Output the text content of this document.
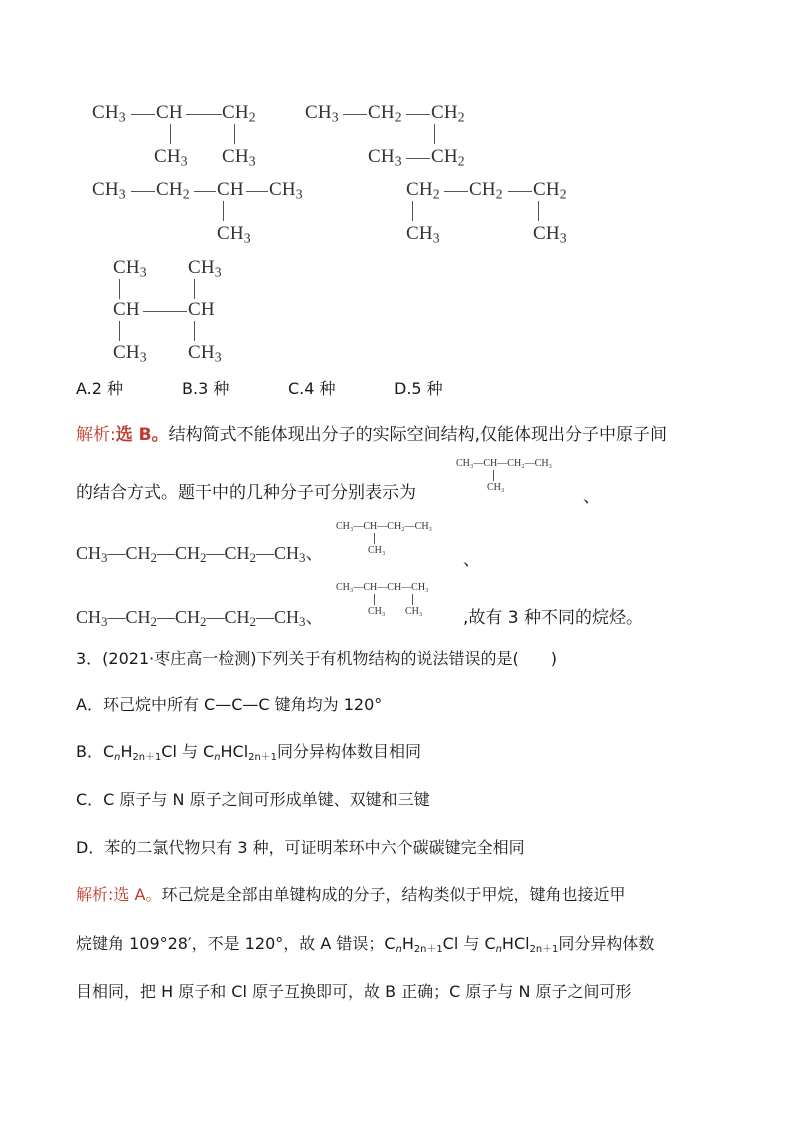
$CH_3$ CH $CH_2$
$CH_3$ $CH_3$
$CH_3$ $CH_2$ $CH_2$
$CH_3$ $CH_2$
$CH_3$ $CH_2$ CH $CH_3$
$CH_3$
$CH_2$ $CH_2$ $CH_2$
$CH_3$	$CH_3$
$CH_3$ $CH_3$
CH	CH
$CH_3$ $CH_3$
A.2 种	B.3 种	C.4 种	D.5 种
解析:选 B。结构简式不能体现出分子的实际空间结构,仅能体现出分子中原子间
的结合方式。题干中的几种分子可分别表示为
CH₃—CH—CH₂—CH₃
CH₃	、
$CH_3—CH_2—CH_2—CH_2—CH_3$、
CH₃—CH—CH₂—CH₃
CH₃	、
$CH_3—CH_2—CH_2—CH_2—CH_3$、
CH₃—CH—CH—CH₃
CH₃ CH₃ ,故有 3 种不同的烷烃。
3．(2021·枣庄高一检测)下列关于有机物结构的说法错误的是(　　)
A．环己烷中所有 C—C—C 键角均为 120°
B．CnH2n＋1Cl 与 CnHCl2n＋1同分异构体数目相同
C．C 原子与 N 原子之间可形成单键、双键和三键
D．苯的二氯代物只有 3 种，可证明苯环中六个碳碳键完全相同
解析:选 A。环己烷是全部由单键构成的分子，结构类似于甲烷，键角也接近甲
烷键角 109°28′，不是 120°，故 A 错误；CnH2n＋1Cl 与 CnHCl2n＋1同分异构体数
目相同，把 H 原子和 Cl 原子互换即可，故 B 正确；C 原子与 N 原子之间可形
